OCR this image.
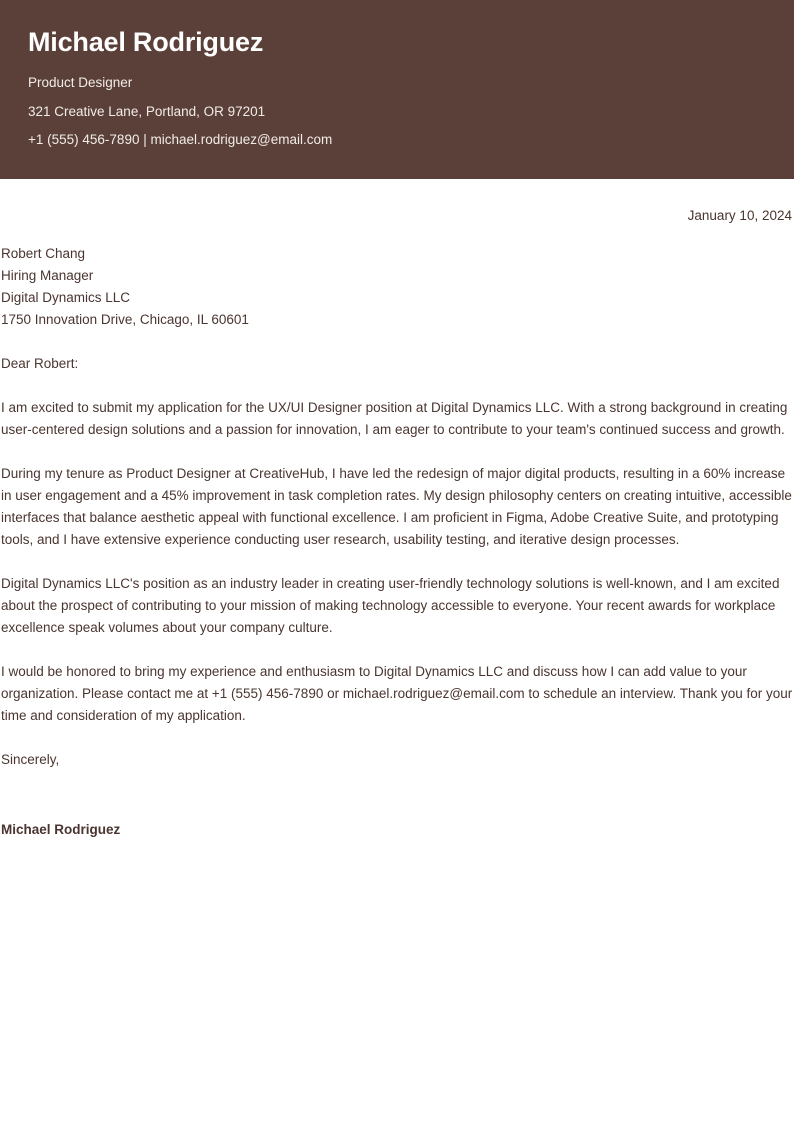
Michael Rodriguez

Product Designer

321 Creative Lane, Portland, OR 97201

+1 (555) 456-7890 | michael.rodriguez@email.com

January 10, 2024

Robert Chang

Hiring Manager

Digital Dynamics LLC

1750 Innovation Drive, Chicago, IL 60601

Dear Robert:

I am excited to submit my application for the UX/UI Designer position at Digital Dynamics LLC. With a strong background in creating user-centered design solutions and a passion for innovation, I am eager to contribute to your team's continued success and growth.

During my tenure as Product Designer at CreativeHub, I have led the redesign of major digital products, resulting in a 60% increase in user engagement and a 45% improvement in task completion rates. My design philosophy centers on creating intuitive, accessible interfaces that balance aesthetic appeal with functional excellence. I am proficient in Figma, Adobe Creative Suite, and prototyping tools, and I have extensive experience conducting user research, usability testing, and iterative design processes.

Digital Dynamics LLC's position as an industry leader in creating user-friendly technology solutions is well-known, and I am excited about the prospect of contributing to your mission of making technology accessible to everyone. Your recent awards for workplace excellence speak volumes about your company culture.

I would be honored to bring my experience and enthusiasm to Digital Dynamics LLC and discuss how I can add value to your organization. Please contact me at +1 (555) 456-7890 or michael.rodriguez@email.com to schedule an interview. Thank you for your time and consideration of my application.

Sincerely,

Michael Rodriguez
